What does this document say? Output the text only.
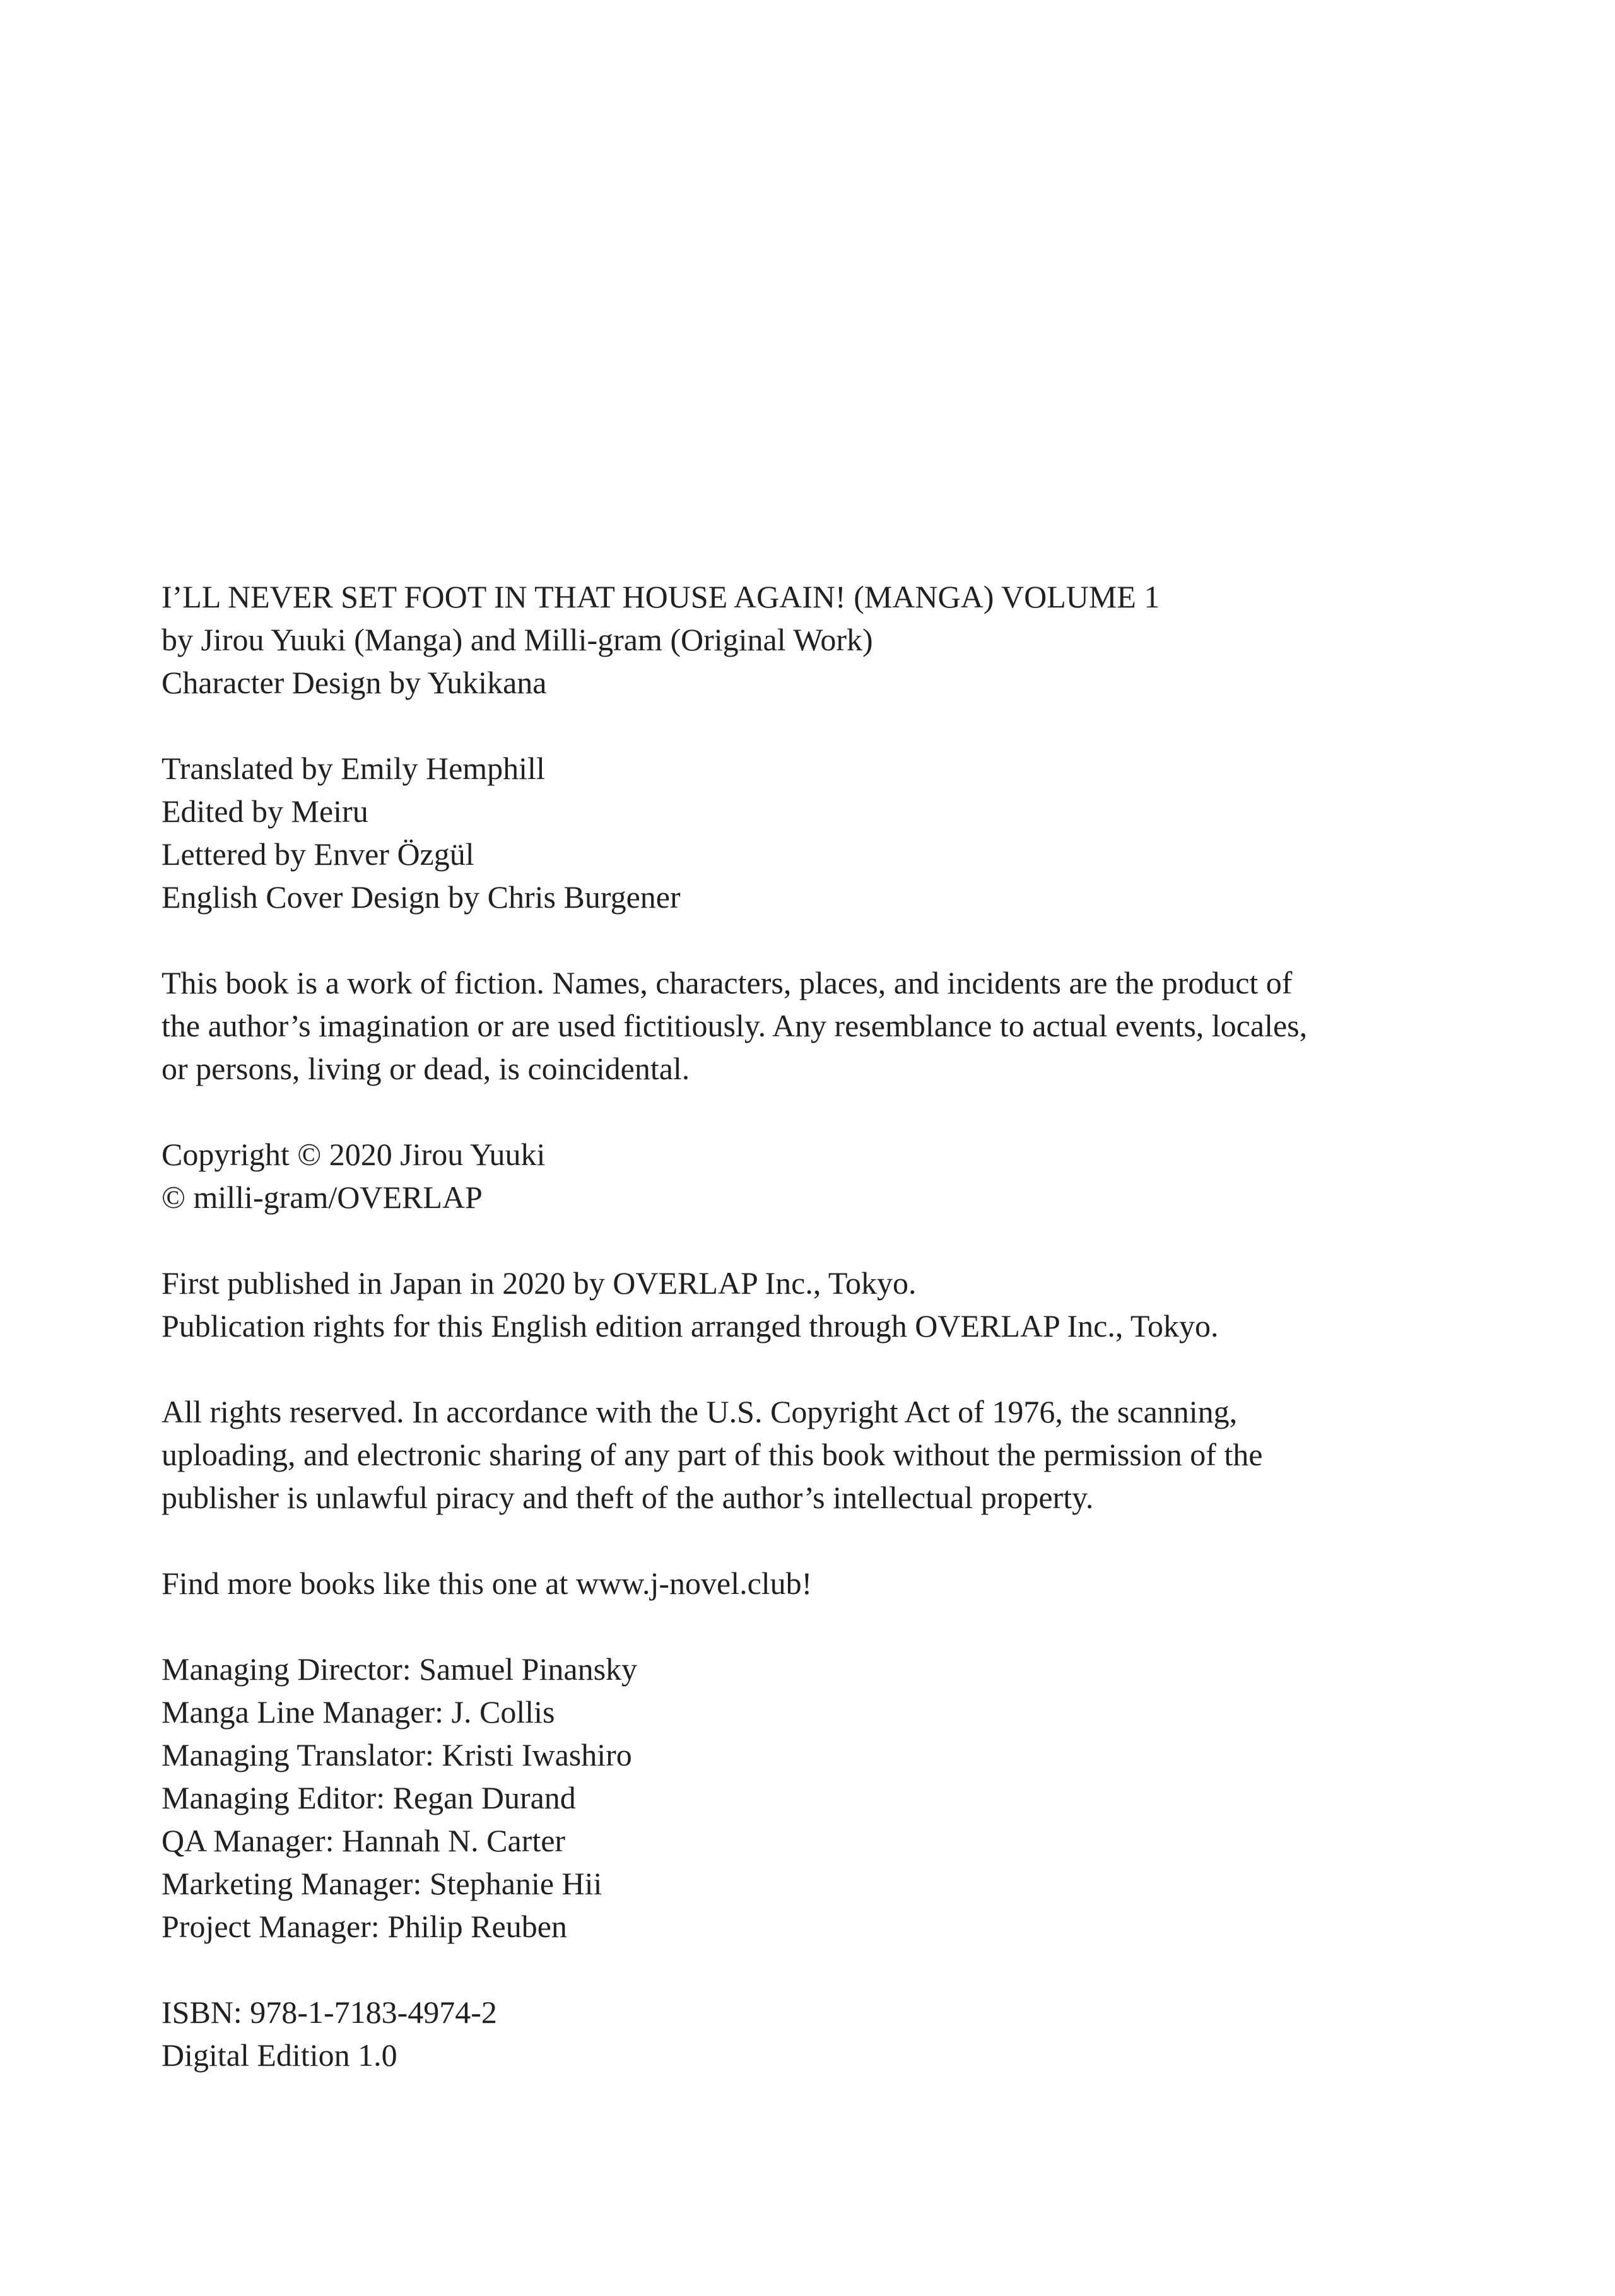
I’LL NEVER SET FOOT IN THAT HOUSE AGAIN! (MANGA) VOLUME 1
by Jirou Yuuki (Manga) and Milli-gram (Original Work)
Character Design by Yukikana
Translated by Emily Hemphill
Edited by Meiru
Lettered by Enver Özgül
English Cover Design by Chris Burgener
This book is a work of fiction. Names, characters, places, and incidents are the product of
the author’s imagination or are used fictitiously. Any resemblance to actual events, locales,
or persons, living or dead, is coincidental.
Copyright © 2020 Jirou Yuuki
© milli-gram/OVERLAP
First published in Japan in 2020 by OVERLAP Inc., Tokyo.
Publication rights for this English edition arranged through OVERLAP Inc., Tokyo.
All rights reserved. In accordance with the U.S. Copyright Act of 1976, the scanning,
uploading, and electronic sharing of any part of this book without the permission of the
publisher is unlawful piracy and theft of the author’s intellectual property.
Find more books like this one at www.j-novel.club!
Managing Director: Samuel Pinansky
Manga Line Manager: J. Collis
Managing Translator: Kristi Iwashiro
Managing Editor: Regan Durand
QA Manager: Hannah N. Carter
Marketing Manager: Stephanie Hii
Project Manager: Philip Reuben
ISBN: 978-1-7183-4974-2
Digital Edition 1.0
